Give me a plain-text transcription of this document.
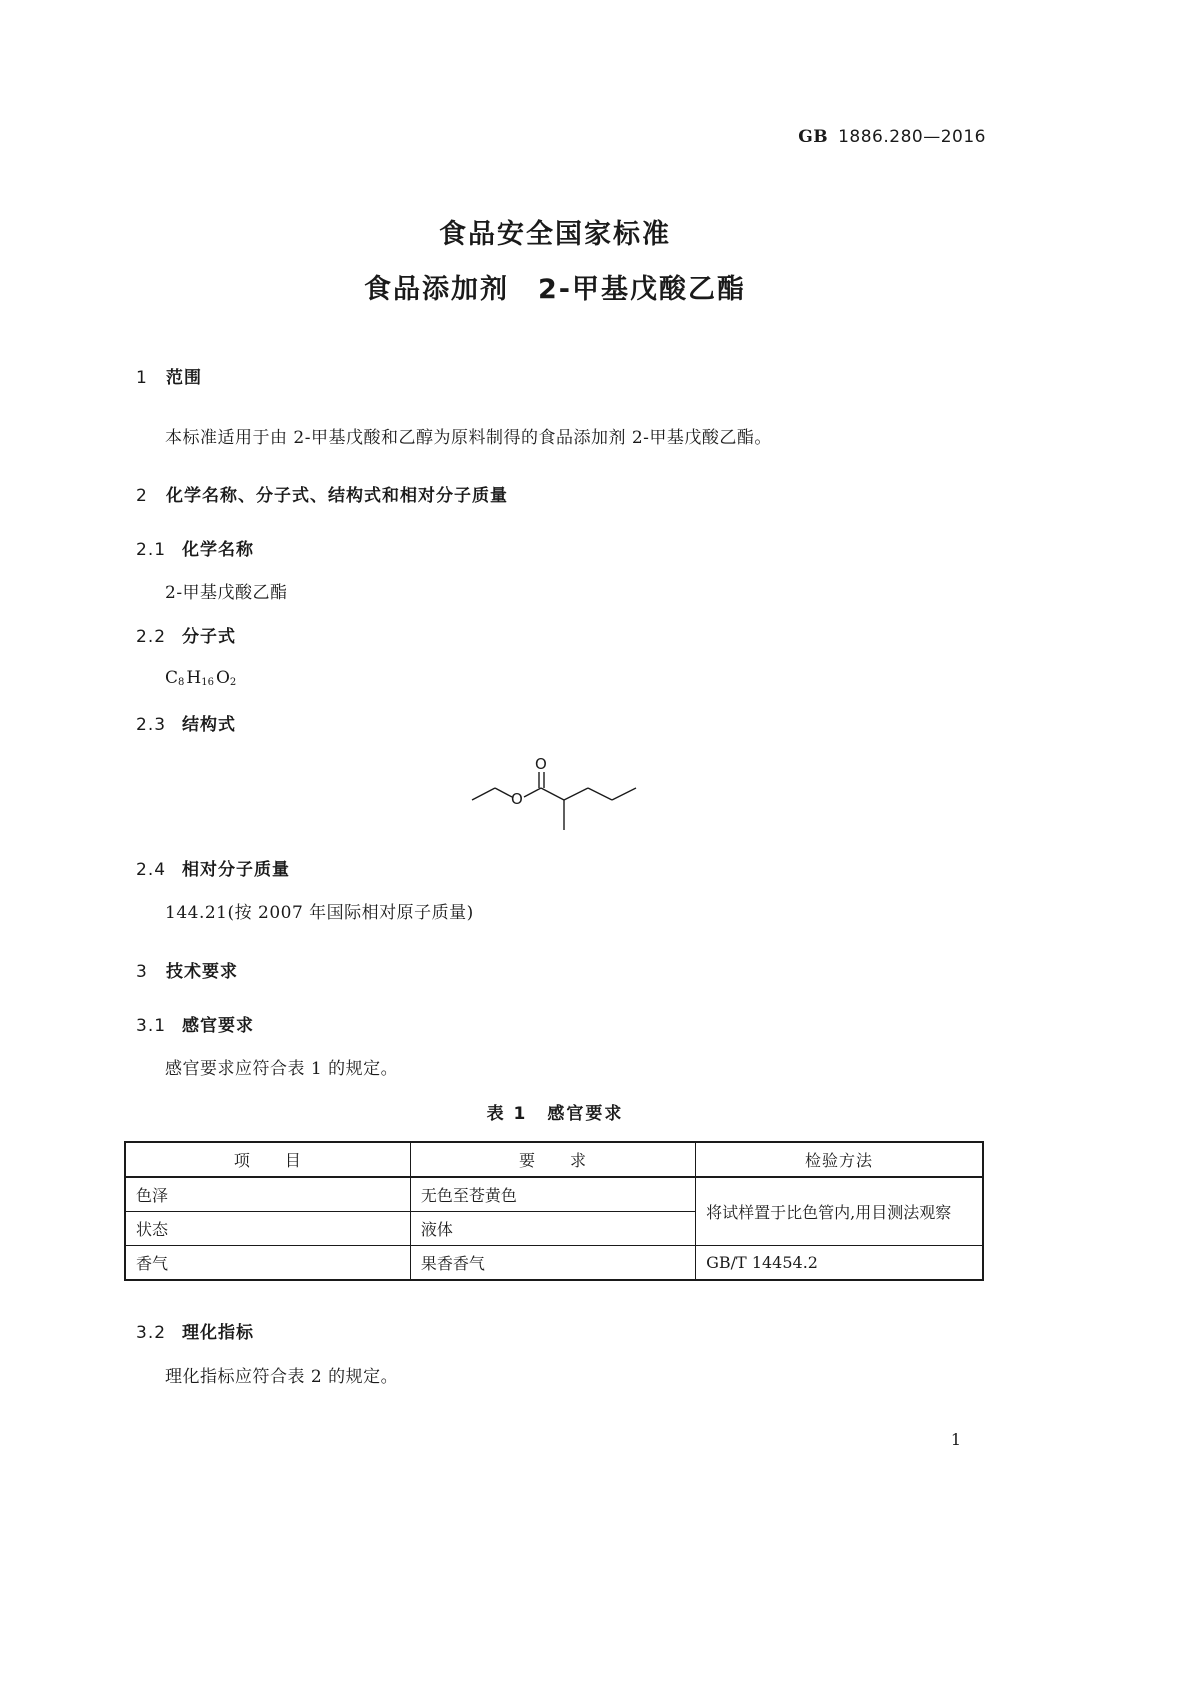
GB 1886.280—2016
食品安全国家标准
食品添加剂　2-甲基戊酸乙酯
1 范围
本标准适用于由 2-甲基戊酸和乙醇为原料制得的食品添加剂 2-甲基戊酸乙酯。
2 化学名称、分子式、结构式和相对分子质量
2.1 化学名称
2-甲基戊酸乙酯
2.2 分子式
$C_8$ $H_{16}$ $O_2$
2.3 结构式
O
O
2.4 相对分子质量
144.21(按 2007 年国际相对原子质量)
3 技术要求
3.1 感官要求
感官要求应符合表 1 的规定。
表 1 感官要求
项　　目	要　　求	检验方法
色泽	无色至苍黄色	将试样置于比色管内,用目测法观察
状态	液体	
香气	果香香气	GB/T 14454.2
3.2 理化指标
理化指标应符合表 2 的规定。
1
